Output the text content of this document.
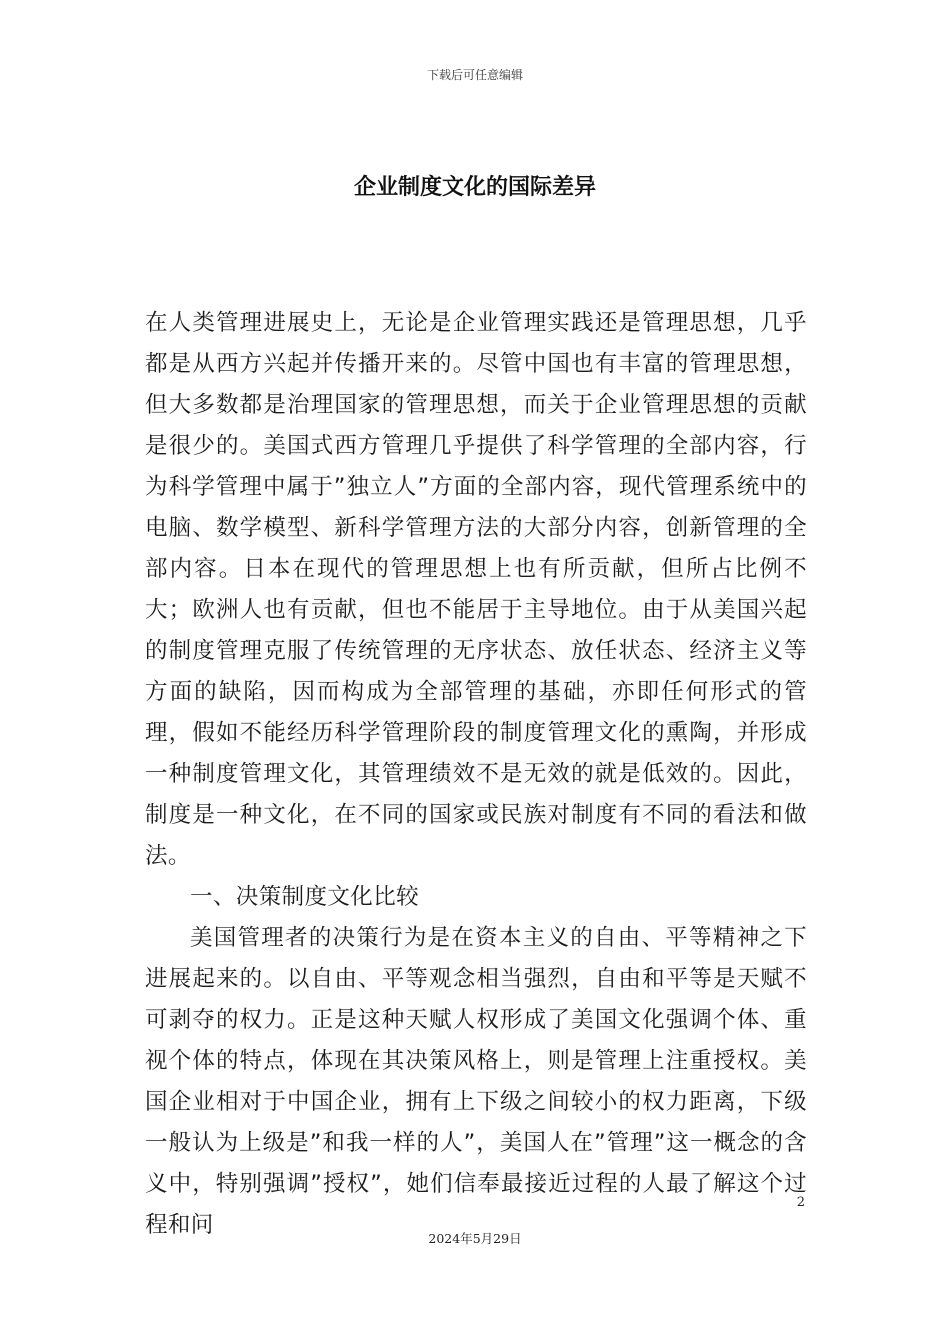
下载后可任意编辑
企业制度文化的国际差异

在人类管理进展史上，无论是企业管理实践还是管理思想，几乎都是从西方兴起并传播开来的。尽管中国也有丰富的管理思想，但大多数都是治理国家的管理思想，而关于企业管理思想的贡献是很少的。美国式西方管理几乎提供了科学管理的全部内容，行为科学管理中属于”独立人”方面的全部内容，现代管理系统中的电脑、数学模型、新科学管理方法的大部分内容，创新管理的全部内容。日本在现代的管理思想上也有所贡献，但所占比例不大；欧洲人也有贡献，但也不能居于主导地位。由于从美国兴起的制度管理克服了传统管理的无序状态、放任状态、经济主义等方面的缺陷，因而构成为全部管理的基础，亦即任何形式的管理，假如不能经历科学管理阶段的制度管理文化的熏陶，并形成一种制度管理文化，其管理绩效不是无效的就是低效的。因此，制度是一种文化，在不同的国家或民族对制度有不同的看法和做法。

一、决策制度文化比较

美国管理者的决策行为是在资本主义的自由、平等精神之下进展起来的。以自由、平等观念相当强烈，自由和平等是天赋不可剥夺的权力。正是这种天赋人权形成了美国文化强调个体、重视个体的特点，体现在其决策风格上，则是管理上注重授权。美国企业相对于中国企业，拥有上下级之间较小的权力距离，下级一般认为上级是”和我一样的人”，美国人在”管理”这一概念的含义中，特别强调”授权”，她们信奉最接近过程的人最了解这个过程和问

2
2024年5月29日
